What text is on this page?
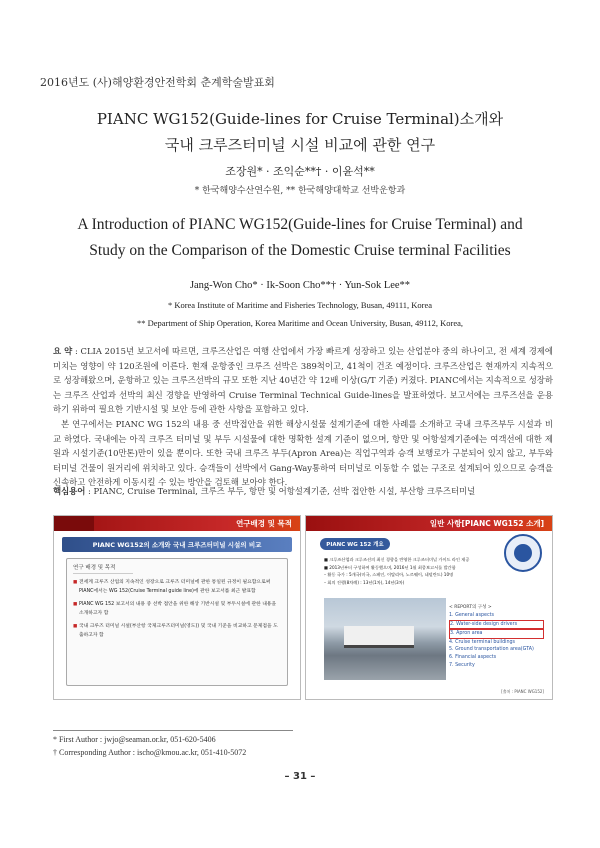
2016년도 (사)해양환경안전학회 춘계학술발표회
PIANC WG152(Guide-lines for Cruise Terminal)소개와
국내 크루즈터미널 시설 비교에 관한 연구
조장원* · 조익순**† · 이윤석**
* 한국해양수산연수원, ** 한국해양대학교 선박운항과
A Introduction of PIANC WG152(Guide-lines for Cruise Terminal) and
Study on the Comparison of the Domestic Cruise terminal Facilities
Jang-Won Cho* · Ik-Soon Cho**† · Yun-Sok Lee**
* Korea Institute of Maritime and Fisheries Technology, Busan, 49111, Korea
** Department of Ship Operation, Korea Maritime and Ocean University, Busan, 49112, Korea,

요 약 : CLIA 2015년 보고서에 따르면, 크루즈산업은 여행 산업에서 가장 빠르게 성장하고 있는 산업분야 중의 하나이고, 전 세계 경제에 미치는 영향이 약 120조원에 이른다. 현재 운항중인 크루즈 선박은 389척이고, 41척이 건조 예정이다. 크루즈산업은 현재까지 지속적으로 성장해왔으며, 운항하고 있는 크루즈선박의 규모 또한 지난 40년간 약 12배 이상(G/T 기준) 커졌다. PIANC에서는 지속적으로 성장하는 크루즈 산업과 선박의 최신 경향을 반영하여 Cruise Terminal Technical Guide-lines을 발표하였다. 보고서에는 크루즈선을 운용하기 위하여 필요한 기반시설 및 보안 등에 관한 사항을 포함하고 있다.

본 연구에서는 PIANC WG 152의 내용 중 선박접안을 위한 해상시설물 설계기준에 대한 사례를 소개하고 국내 크루즈부두 시설과 비교 하였다. 국내에는 아직 크루즈 터미널 및 부두 시설물에 대한 명확한 설계 기준이 없으며, 항만 및 어항설계기준에는 여객선에 대한 제원과 시설기준(10만톤)만이 있을 뿐이다. 또한 국내 크루즈 부두(Apron Area)는 직업구역과 승객 보행로가 구분되어 있지 않고, 부두와 터미널 건물이 원거리에 위치하고 있다. 승객들이 선박에서 Gang-Way통하여 터미널로 이동할 수 없는 구조로 설계되어 있으므로 승객을 신속하고 안전하게 이동시킬 수 있는 방안을 검토해 보아야 한다.

핵심용어 : PIANC, Cruise Terminal, 크루즈 부두, 항만 및 어항설계기준, 선박 접안한 시설, 부산항 크루즈터미널
연구배경 및 목적
PIANC WG152의 소개와 국내 크루즈터미널 시설의 비교
연구 배경 및 목적
■ 전세계 크루즈 산업의 지속적인 성장으로 크루즈 터미널에 관한 통일된 규정이 필요함으로써 PIANC에서는 WG 152(Cruise Terminal guide line)에 관한 보고서를 최근 발표함
■ PIANC WG 152 보고서의 내용 중 선박 접안을 위한 해상 기반시설 및 부두시설에 관한 내용을 소개하고자 함
■ 국내 크루즈 터미널 시설(부산항 국제크루즈터미널(영도)) 및 국내 기준을 비교하고 문제점을 도출하고자 함
일반 사항[PIANC WG152 소개]
PIANC WG 152 개요
■ 크루즈산업과 크루즈선의 최신 경향을 반영한 크루즈터미널 가이드 라인 제공
■ 2013년부터 구성하여 활동했으며, 2016년 1월 최종보고서를 발간함
– 활동 국가 : 5개국(미국, 스페인, 이탈리아, 노르웨이, 네덜란드) 10명
– 회의 진행(8차례) : 13년(1차), 14년(3차)
< REPORT의 구성 >
1. General aspects
2. Water-side design drivers
3. Apron area
4. Cruise terminal buildings
5. Ground transportation area(GTA)
6. Financial aspects
7. Security
[출처 : PIANC WG152]
* First Author : jwjo@seaman.or.kr, 051-620-5406
† Corresponding Author : ischo@kmou.ac.kr, 051-410-5072
– 31 –
